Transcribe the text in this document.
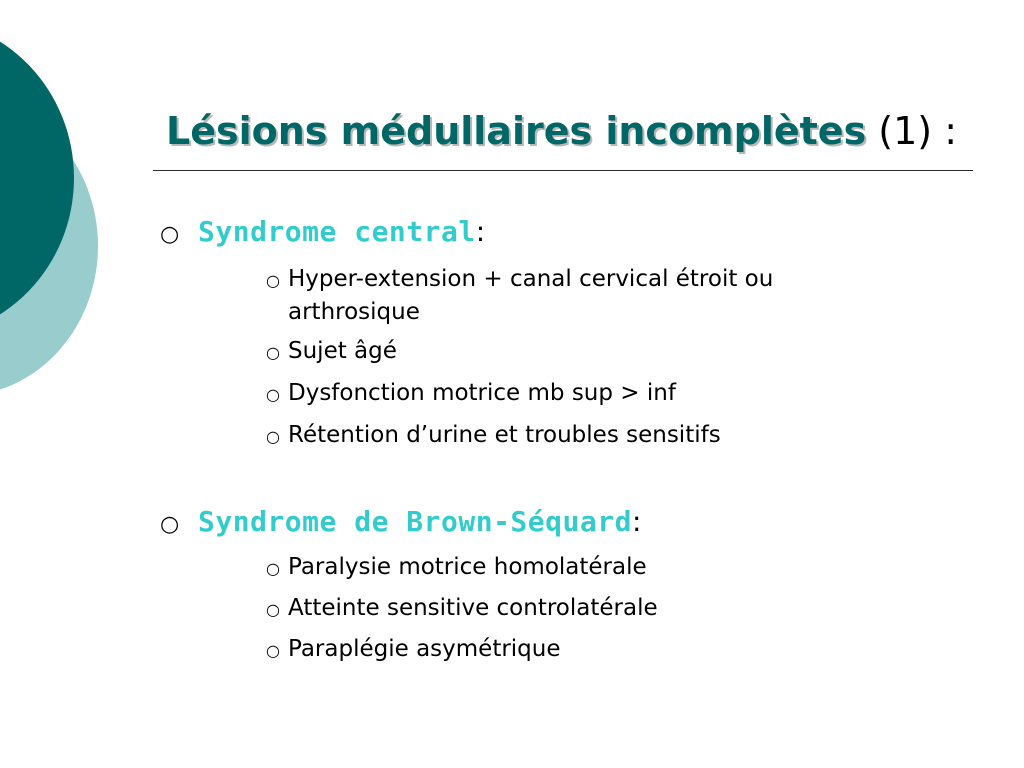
Lésions médullaires incomplètes (1) :
○ Syndrome central :
○ Hyper-extension + canal cervical étroit ou arthrosique
○ Sujet âgé
○ Dysfonction motrice mb sup > inf
○ Rétention d’urine et troubles sensitifs
○ Syndrome de Brown-Séquard :
○ Paralysie motrice homolatérale
○ Atteinte sensitive controlatérale
○ Paraplégie asymétrique
